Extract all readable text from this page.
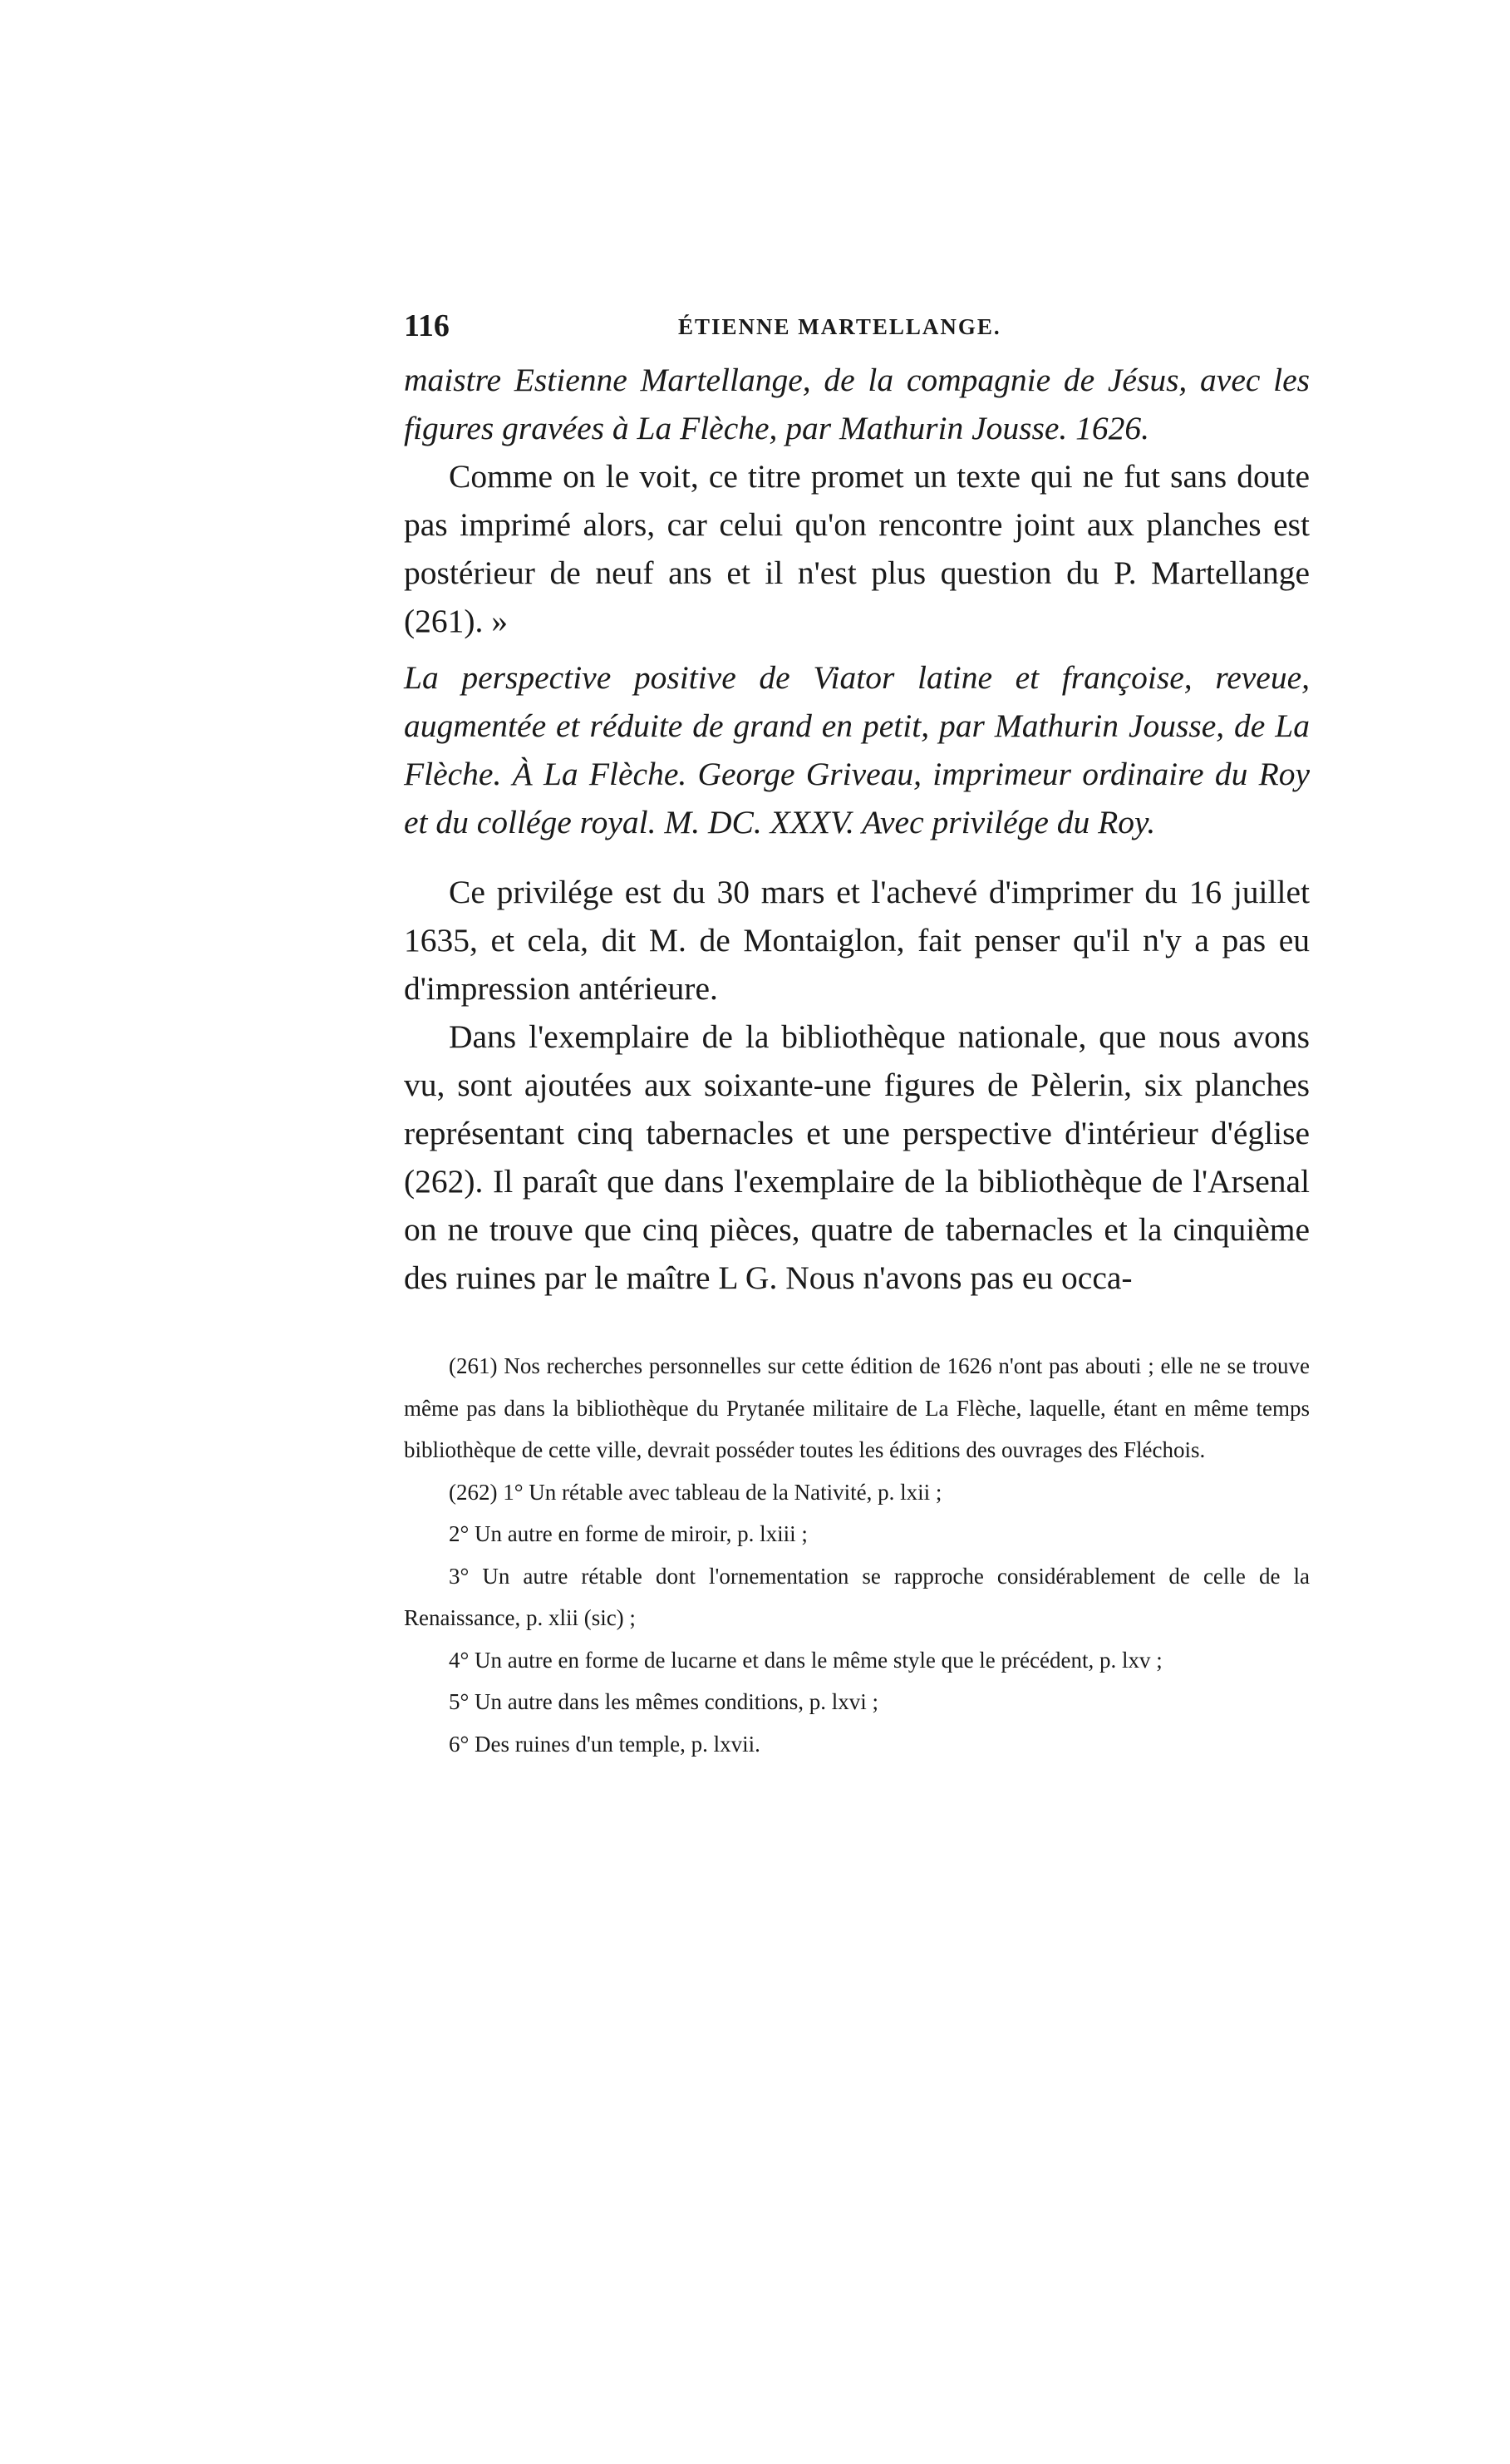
116	ÉTIENNE MARTELLANGE.

maistre Estienne Martellange, de la compagnie de Jésus, avec les figures gravées à La Flèche, par Mathurin Jousse. 1626.

Comme on le voit, ce titre promet un texte qui ne fut sans doute pas imprimé alors, car celui qu'on rencontre joint aux planches est postérieur de neuf ans et il n'est plus question du P. Martellange (261). »

La perspective positive de Viator latine et françoise, reveue, augmentée et réduite de grand en petit, par Mathurin Jousse, de La Flèche. À La Flèche. George Griveau, imprimeur ordinaire du Roy et du collége royal. M. DC. XXXV. Avec privilége du Roy.

Ce privilége est du 30 mars et l'achevé d'imprimer du 16 juillet 1635, et cela, dit M. de Montaiglon, fait penser qu'il n'y a pas eu d'impression antérieure.

Dans l'exemplaire de la bibliothèque nationale, que nous avons vu, sont ajoutées aux soixante-une figures de Pèlerin, six planches représentant cinq tabernacles et une perspective d'intérieur d'église (262). Il paraît que dans l'exemplaire de la bibliothèque de l'Arsenal on ne trouve que cinq pièces, quatre de tabernacles et la cinquième des ruines par le maître L G. Nous n'avons pas eu occa-

(261) Nos recherches personnelles sur cette édition de 1626 n'ont pas abouti ; elle ne se trouve même pas dans la bibliothèque du Prytanée militaire de La Flèche, laquelle, étant en même temps bibliothèque de cette ville, devrait posséder toutes les éditions des ouvrages des Fléchois.

(262) 1° Un rétable avec tableau de la Nativité, p. lxii ;

2° Un autre en forme de miroir, p. lxiii ;

3° Un autre rétable dont l'ornementation se rapproche considérablement de celle de la Renaissance, p. xlii (sic) ;

4° Un autre en forme de lucarne et dans le même style que le précédent, p. lxv ;

5° Un autre dans les mêmes conditions, p. lxvi ;

6° Des ruines d'un temple, p. lxvii.
